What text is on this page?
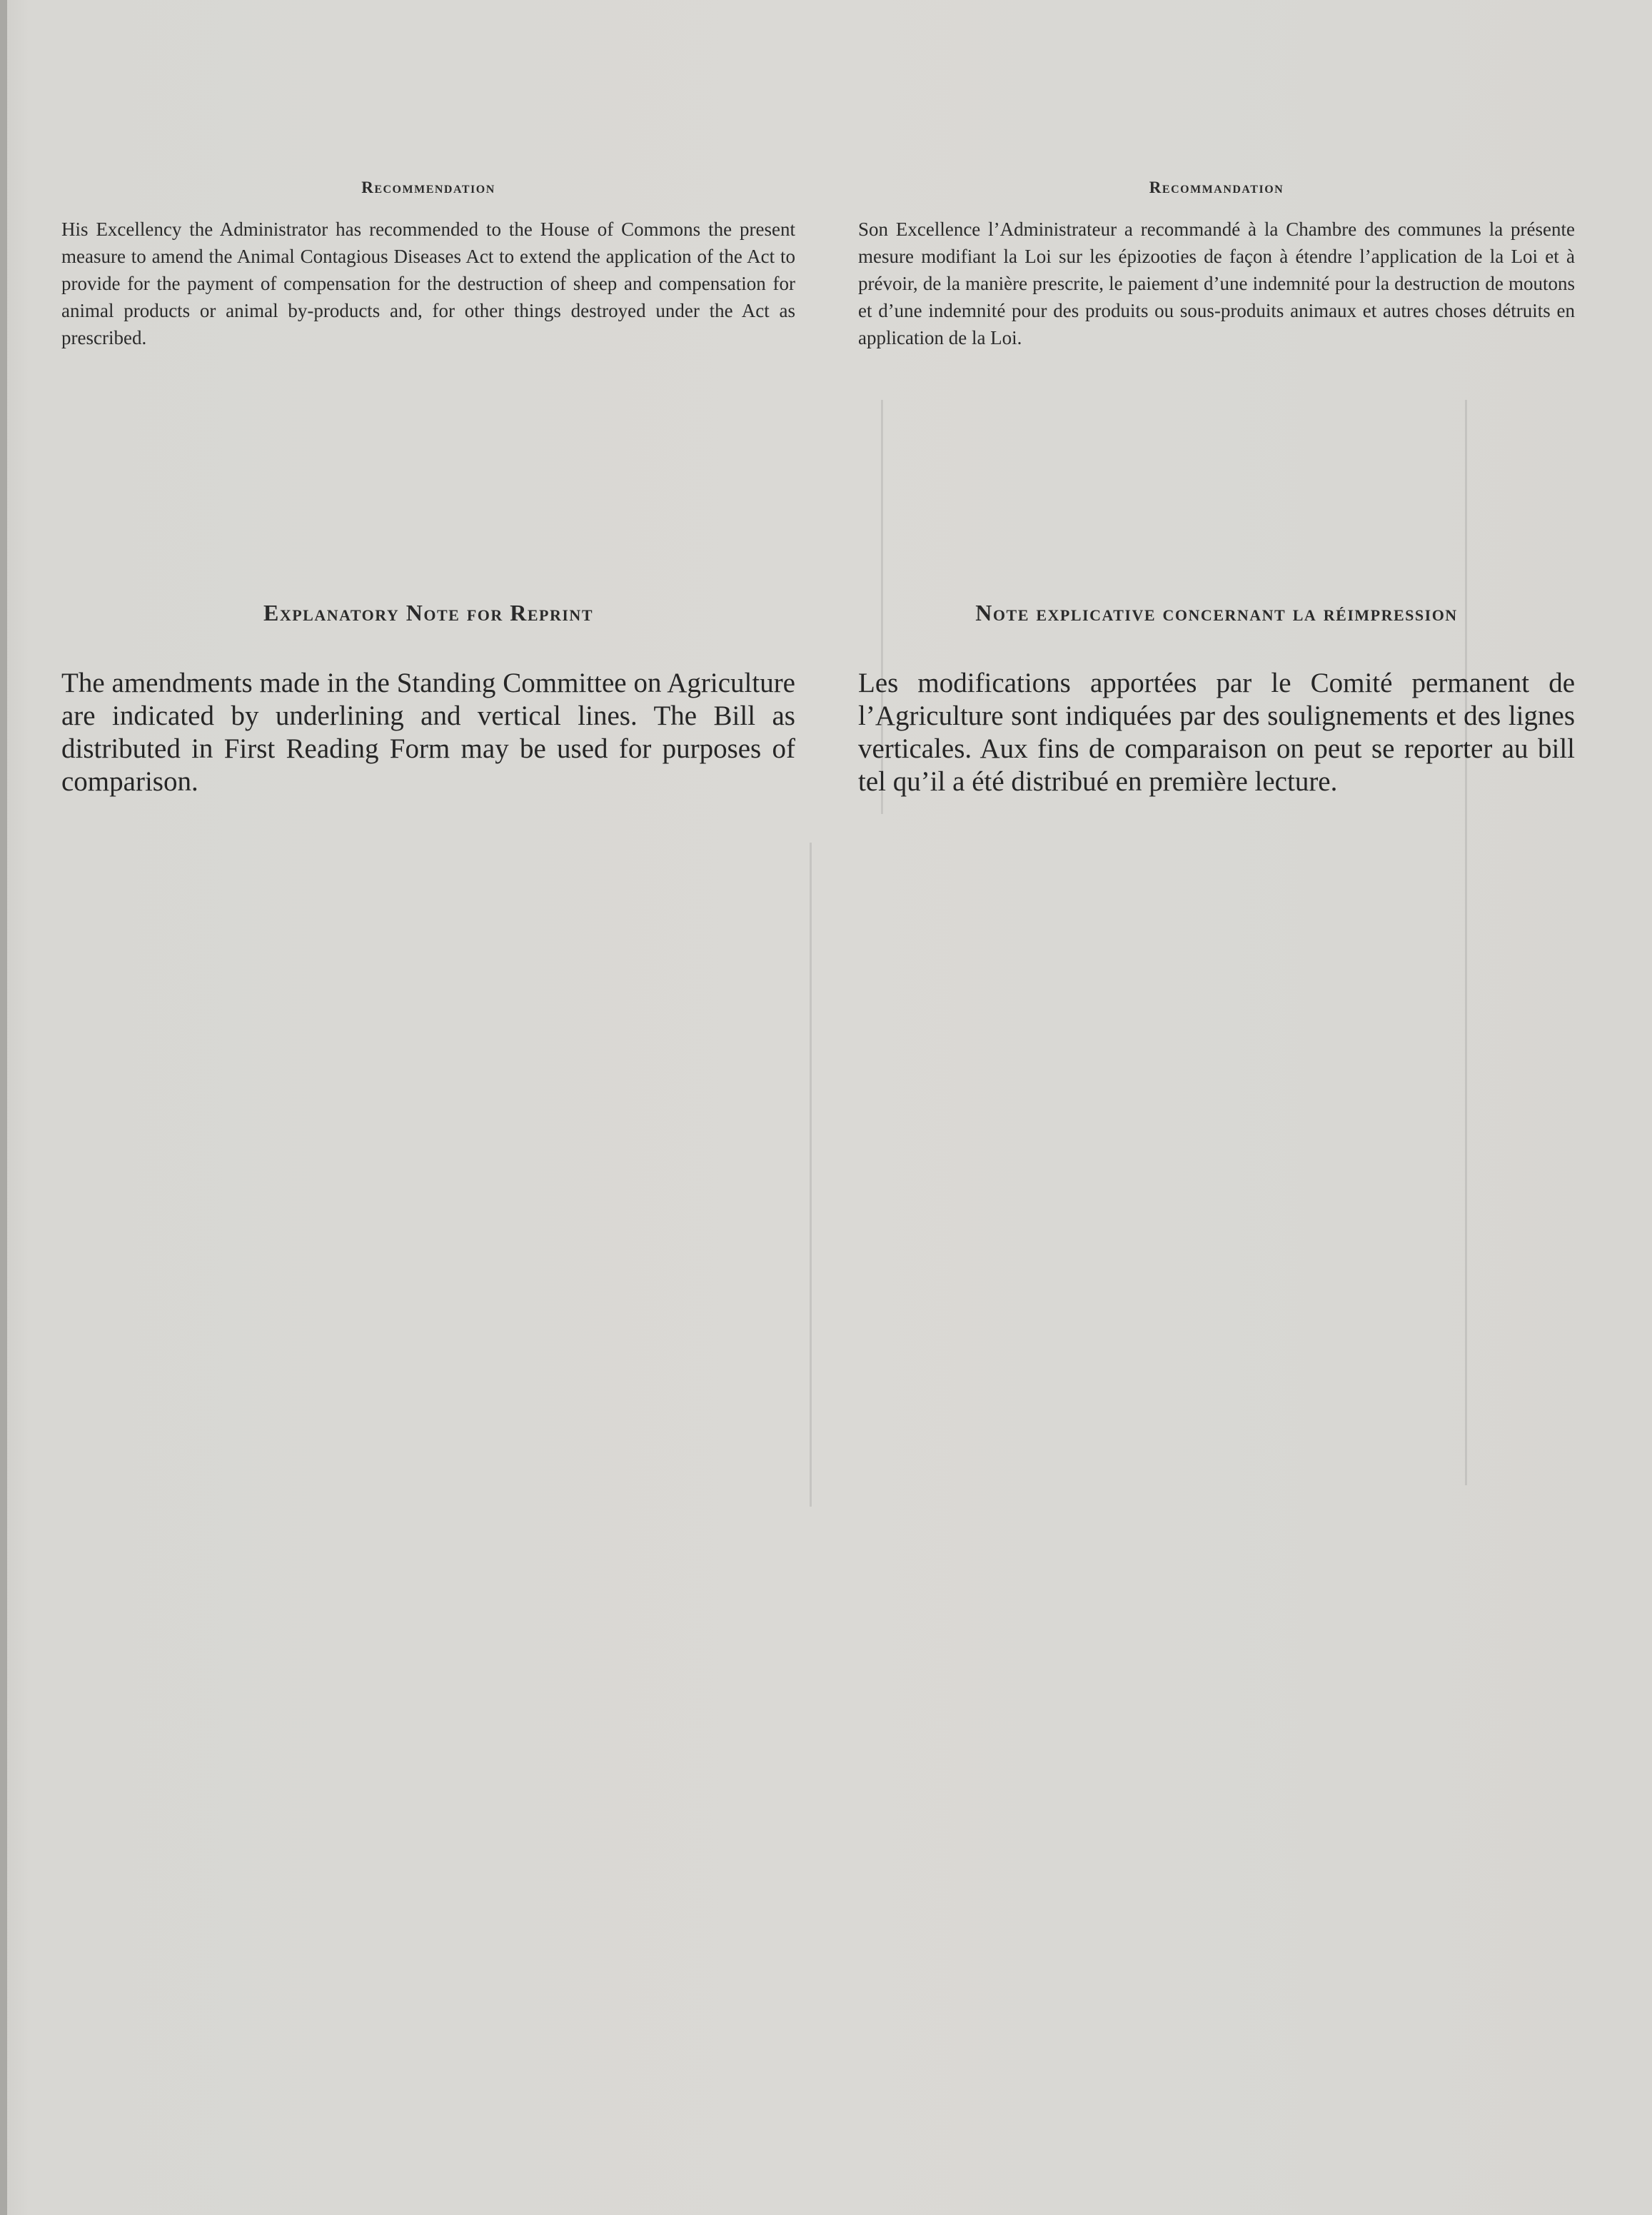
Recommendation

His Excellency the Administrator has recommended to the House of Commons the present measure to amend the Animal Contagious Diseases Act to extend the application of the Act to provide for the payment of compensation for the destruction of sheep and compensation for animal products or animal by-products and, for other things destroyed under the Act as prescribed.

Explanatory Note for Reprint

The amendments made in the Standing Committee on Agriculture are indicated by underlining and vertical lines. The Bill as distributed in First Reading Form may be used for purposes of comparison.

Recommandation

Son Excellence l’Administrateur a recommandé à la Chambre des communes la présente mesure modifiant la Loi sur les épizooties de façon à étendre l’application de la Loi et à prévoir, de la manière prescrite, le paiement d’une indemnité pour la destruction de moutons et d’une indemnité pour des produits ou sous-produits animaux et autres choses détruits en application de la Loi.

Note explicative concernant la réimpression

Les modifications apportées par le Comité permanent de l’Agriculture sont indiquées par des soulignements et des lignes verticales. Aux fins de comparaison on peut se reporter au bill tel qu’il a été distribué en première lecture.
